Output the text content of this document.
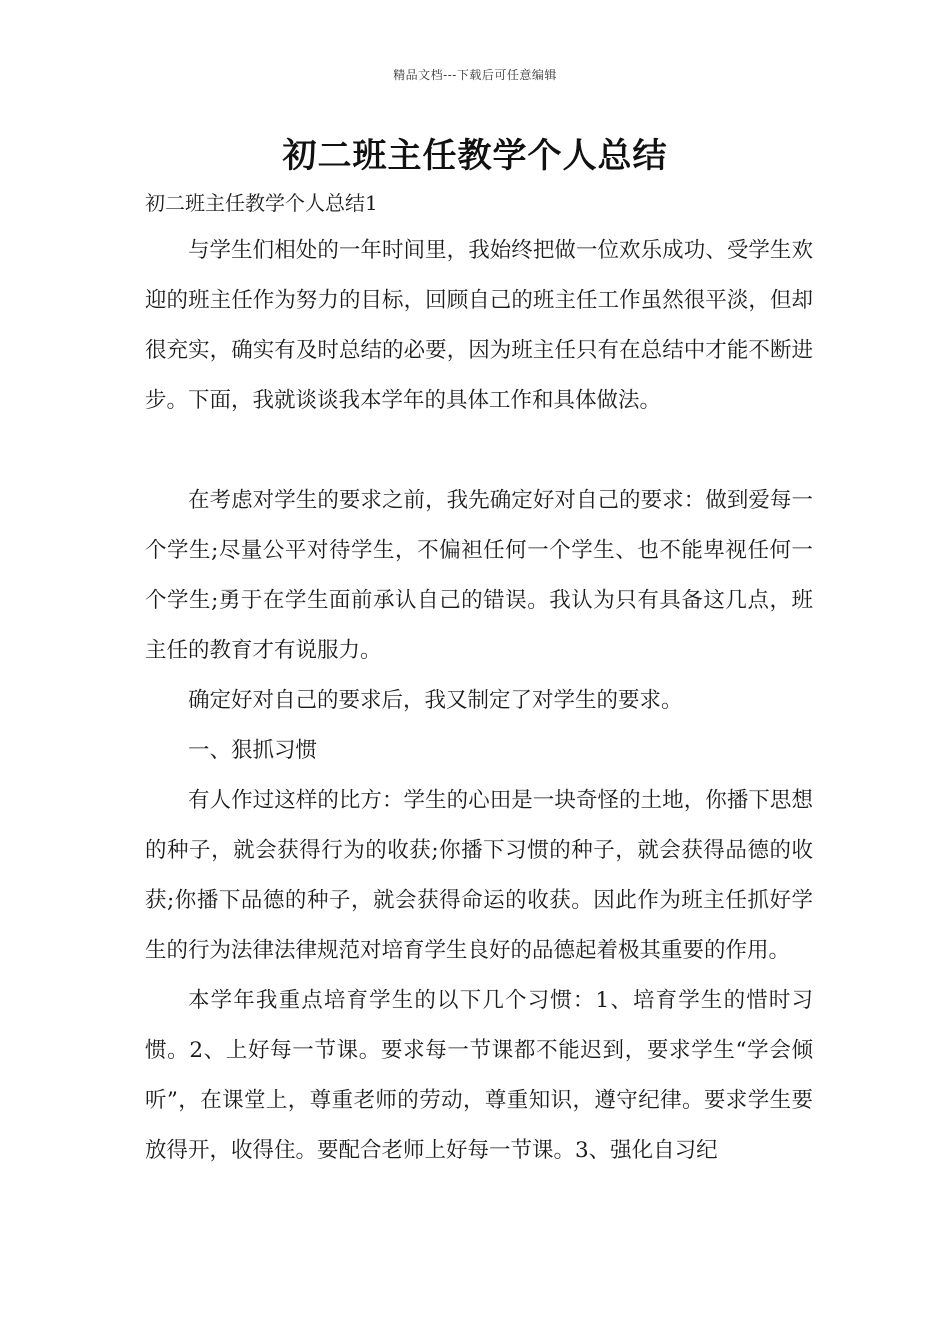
精品文档---下载后可任意编辑
初二班主任教学个人总结
初二班主任教学个人总结1

与学生们相处的一年时间里，我始终把做一位欢乐成功、受学生欢迎的班主任作为努力的目标，回顾自己的班主任工作虽然很平淡，但却很充实，确实有及时总结的必要，因为班主任只有在总结中才能不断进步。下面，我就谈谈我本学年的具体工作和具体做法。

在考虑对学生的要求之前，我先确定好对自己的要求：做到爱每一个学生;尽量公平对待学生，不偏袒任何一个学生、也不能卑视任何一个学生;勇于在学生面前承认自己的错误。我认为只有具备这几点，班主任的教育才有说服力。

确定好对自己的要求后，我又制定了对学生的要求。

一、狠抓习惯

有人作过这样的比方：学生的心田是一块奇怪的土地，你播下思想的种子，就会获得行为的收获;你播下习惯的种子，就会获得品德的收获;你播下品德的种子，就会获得命运的收获。因此作为班主任抓好学生的行为法律法律规范对培育学生良好的品德起着极其重要的作用。

本学年我重点培育学生的以下几个习惯：1、培育学生的惜时习惯。2、上好每一节课。要求每一节课都不能迟到，要求学生“学会倾听”，在课堂上，尊重老师的劳动，尊重知识，遵守纪律。要求学生要放得开，收得住。要配合老师上好每一节课。3、强化自习纪
